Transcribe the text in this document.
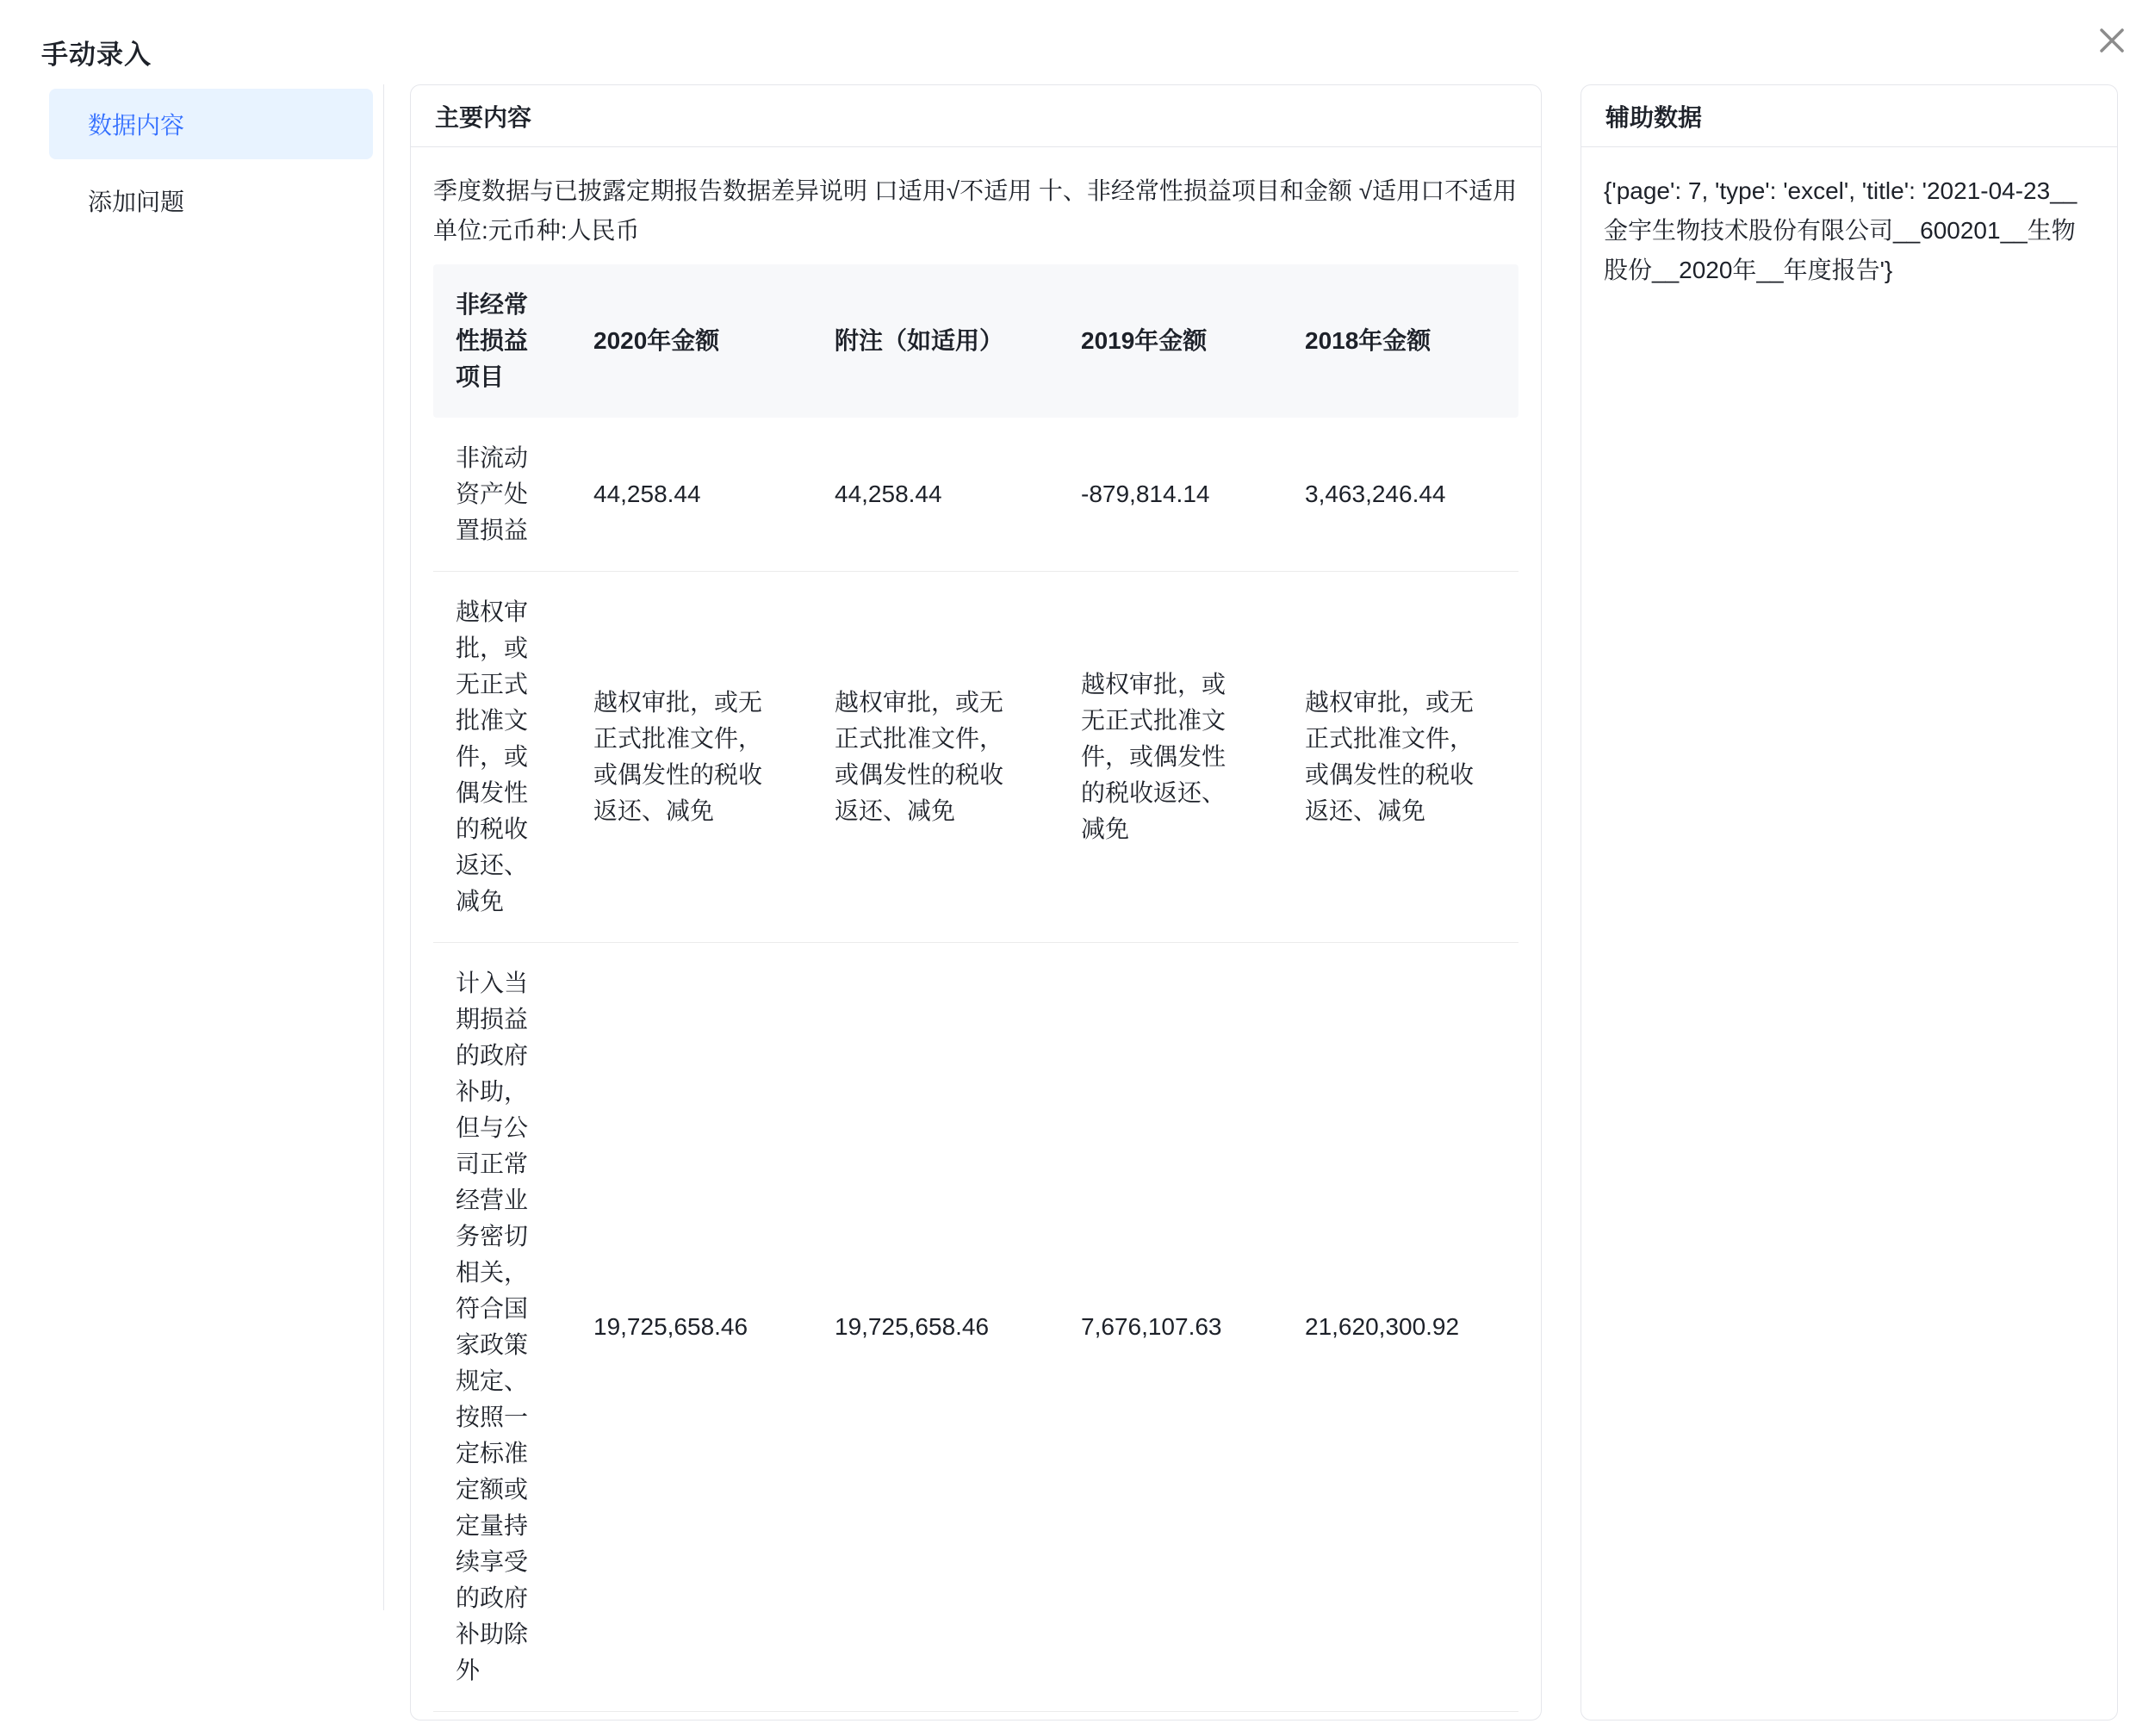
手动录入
数据内容
添加问题
主要内容
季度数据与已披露定期报告数据差异说明 口适用√不适用 十、非经常性损益项目和金额 √适用口不适用 单位:元币种:人民币
非经常性损益项目	2020年金额	附注（如适用）	2019年金额	2018年金额
非流动资产处置损益	44,258.44	44,258.44	-879,814.14	3,463,246.44
越权审批，或无正式批准文件，或偶发性的税收返还、减免	越权审批，或无正式批准文件，或偶发性的税收返还、减免	越权审批，或无正式批准文件，或偶发性的税收返还、减免	越权审批，或无正式批准文件，或偶发性的税收返还、减免	越权审批，或无正式批准文件，或偶发性的税收返还、减免
计入当期损益的政府补助，但与公司正常经营业务密切相关，符合国家政策规定、按照一定标准定额或定量持续享受的政府补助除外	19,725,658.46	19,725,658.46	7,676,107.63	21,620,300.92
辅助数据
{'page': 7, 'type': 'excel', 'title': '2021-04-23__金宇生物技术股份有限公司__600201__生物股份__2020年__年度报告'}
